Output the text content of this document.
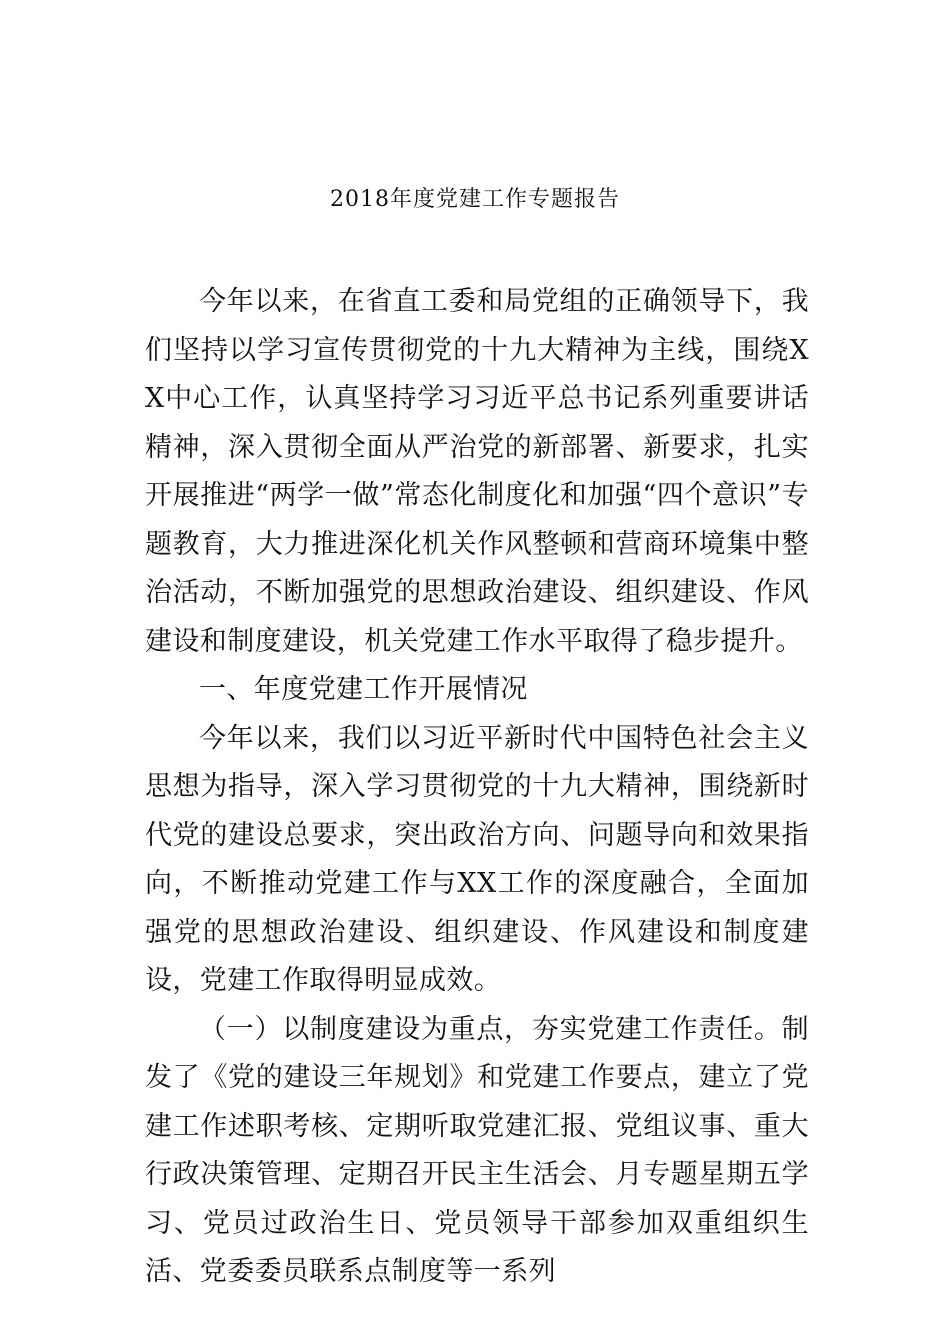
2018年度党建工作专题报告

今年以来，在省直工委和局党组的正确领导下，我们坚持以学习宣传贯彻党的十九大精神为主线，围绕XX中心工作，认真坚持学习习近平总书记系列重要讲话精神，深入贯彻全面从严治党的新部署、新要求，扎实开展推进“两学一做”常态化制度化和加强“四个意识”专题教育，大力推进深化机关作风整顿和营商环境集中整治活动，不断加强党的思想政治建设、组织建设、作风建设和制度建设，机关党建工作水平取得了稳步提升。

一、年度党建工作开展情况

今年以来，我们以习近平新时代中国特色社会主义思想为指导，深入学习贯彻党的十九大精神，围绕新时代党的建设总要求，突出政治方向、问题导向和效果指向，不断推动党建工作与XX工作的深度融合，全面加强党的思想政治建设、组织建设、作风建设和制度建设，党建工作取得明显成效。

（一）以制度建设为重点，夯实党建工作责任。制发了《党的建设三年规划》和党建工作要点，建立了党建工作述职考核、定期听取党建汇报、党组议事、重大行政决策管理、定期召开民主生活会、月专题星期五学习、党员过政治生日、党员领导干部参加双重组织生活、党委委员联系点制度等一系列
